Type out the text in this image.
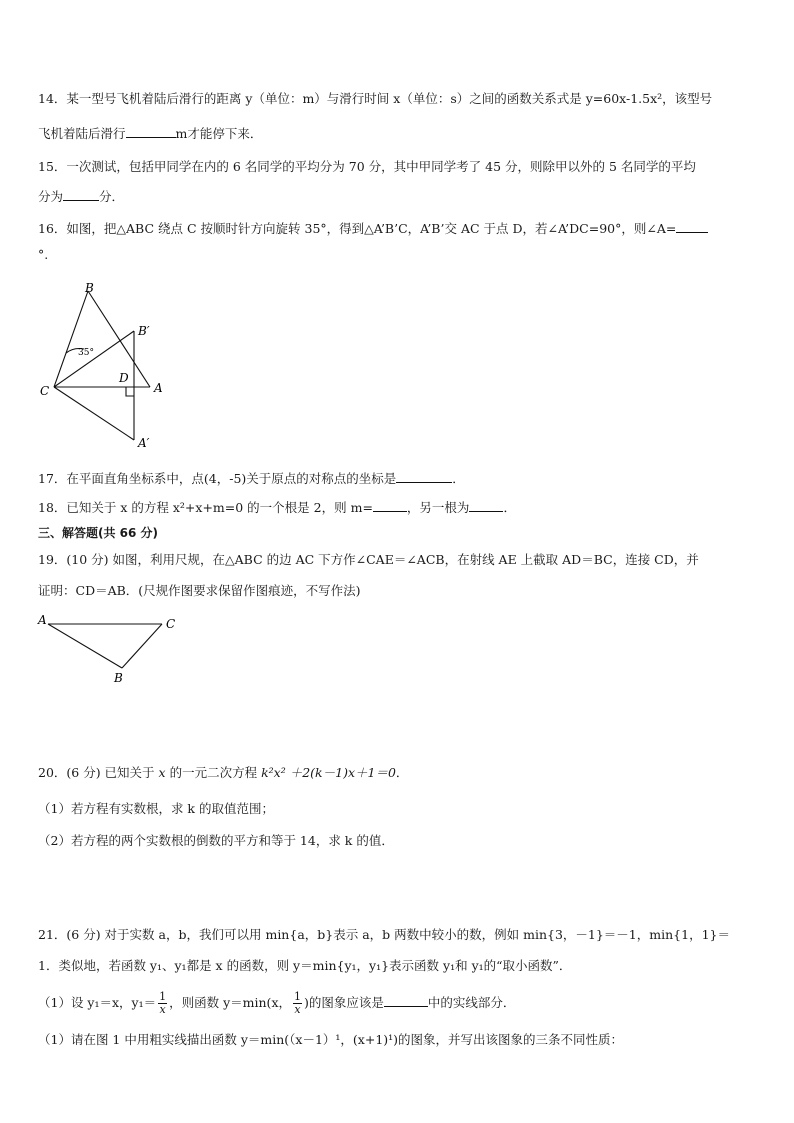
14．某一型号飞机着陆后滑行的距离 y（单位：m）与滑行时间 x（单位：s）之间的函数关系式是 y=60x-1.5x²，该型号
飞机着陆后滑行	m才能停下来．
15．一次测试，包括甲同学在内的 6 名同学的平均分为 70 分，其中甲同学考了 45 分，则除甲以外的 5 名同学的平均
分为	分．
16．如图，把△ABC 绕点 C 按顺时针方向旋转 35°，得到△A’B’C，A’B’交 AC 于点 D，若∠A’DC=90°，则∠A=
°.
B
B′
C
D
A
A′
35°
17．在平面直角坐标系中，点(4，-5)关于原点的对称点的坐标是	．
18．已知关于 x 的方程 x²+x+m=0 的一个根是 2，则 m=	，另一根为	．
三、解答题(共 66 分)
19．(10 分) 如图，利用尺规，在△ABC 的边 AC 下方作∠CAE＝∠ACB，在射线 AE 上截取 AD＝BC，连接 CD，并
证明：CD＝AB．(尺规作图要求保留作图痕迹，不写作法)
A	C
B
20．(6 分) 已知关于 x 的一元二次方程 k²x² ＋2(k－1)x＋1＝0．
（1）若方程有实数根，求 k 的取值范围；
（2）若方程的两个实数根的倒数的平方和等于 14，求 k 的值．
21．(6 分) 对于实数 a，b，我们可以用 min{a，b}表示 a，b 两数中较小的数，例如 min{3，－1}＝－1，min{1，1}＝
1．类似地，若函数 y₁、y₁都是 x 的函数，则 y＝min{y₁，y₁}表示函数 y₁和 y₁的“取小函数”．
（1）设 y₁＝x，$y_1= \frac{1}{x}$ ，则函数 y＝min(x， $\frac{1}{x}$ )的图象应该是	中的实线部分．
（1）请在图 1 中用粗实线描出函数 y＝min(（x－1）¹，(x+1)¹)的图象，并写出该图象的三条不同性质：
